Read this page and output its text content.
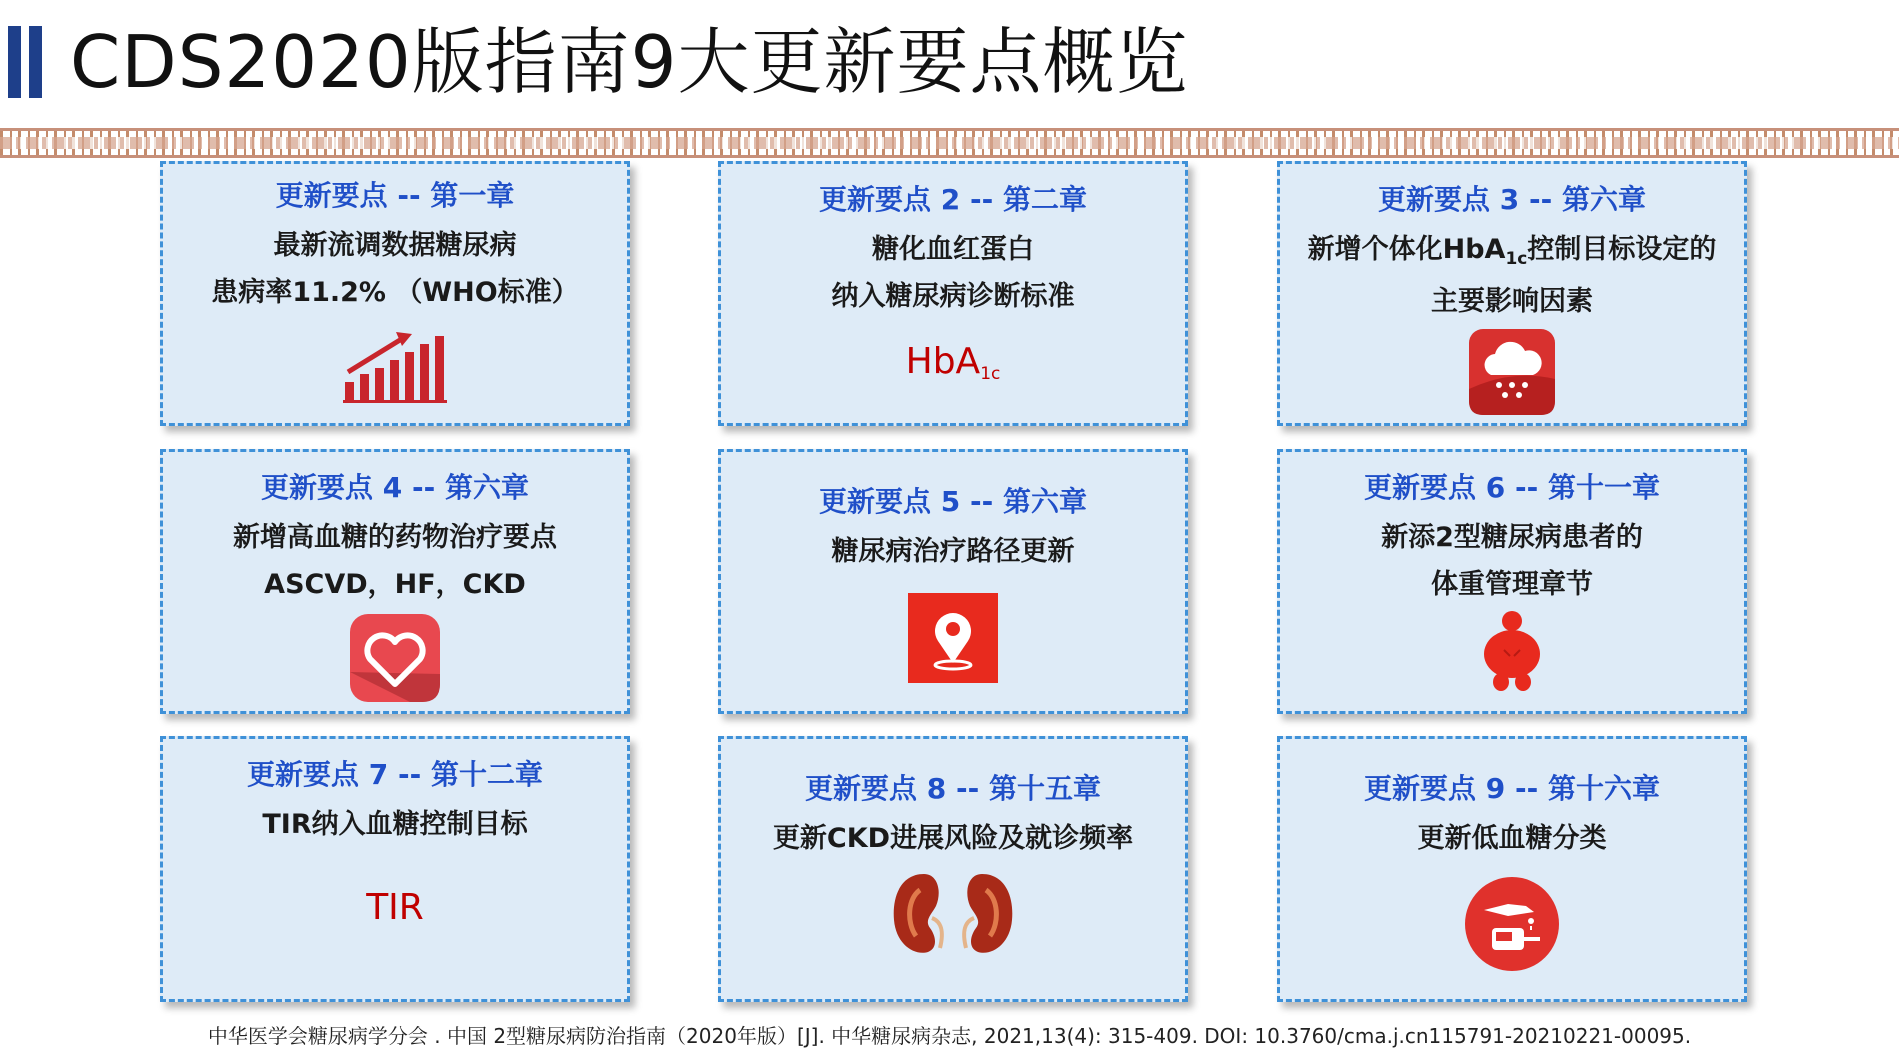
CDS2020版指南9大更新要点概览
更新要点 -- 第一章
最新流调数据糖尿病
患病率11.2% （WHO标准）
更新要点 2 -- 第二章
糖化血红蛋白
纳入糖尿病诊断标准
HbA$_{1c}$
更新要点 3 -- 第六章
新增个体化HbA$_{1c}$控制目标设定的
主要影响因素
更新要点 4 -- 第六章
新增高血糖的药物治疗要点
ASCVD，HF，CKD
更新要点 5 -- 第六章
糖尿病治疗路径更新
更新要点 6 -- 第十一章
新添2型糖尿病患者的
体重管理章节
更新要点 7 -- 第十二章
TIR纳入血糖控制目标
TIR
更新要点 8 -- 第十五章
更新CKD进展风险及就诊频率
更新要点 9 -- 第十六章
更新低血糖分类
中华医学会糖尿病学分会 . 中国 2型糖尿病防治指南（2020年版）[J]. 中华糖尿病杂志, 2021,13(4): 315-409. DOI: 10.3760/cma.j.cn115791-20210221-00095.
